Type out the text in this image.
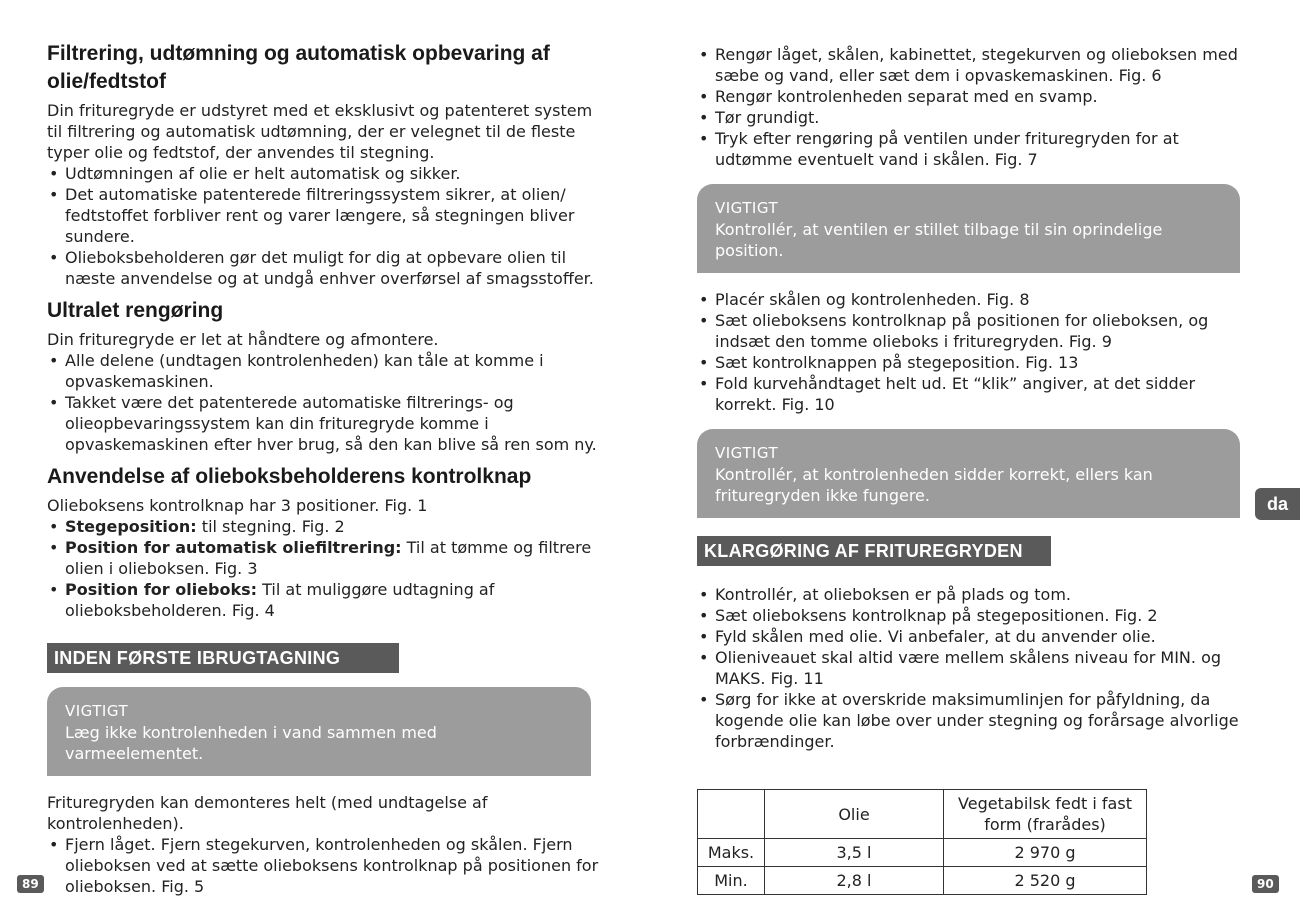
Filtrering, udtømning og automatisk opbevaring af olie/fedtstof

Din frituregryde er udstyret med et eksklusivt og patenteret system til filtrering og automatisk udtømning, der er velegnet til de fleste typer olie og fedtstof, der anvendes til stegning.

• Udtømningen af olie er helt automatisk og sikker.
• Det automatiske patenterede filtreringssystem sikrer, at olien/ fedtstoffet forbliver rent og varer længere, så stegningen bliver sundere.
• Olieboksbeholderen gør det muligt for dig at opbevare olien til næste anvendelse og at undgå enhver overførsel af smagsstoffer.
Ultralet rengøring

Din frituregryde er let at håndtere og afmontere.

• Alle delene (undtagen kontrolenheden) kan tåle at komme i opvaskemaskinen.
• Takket være det patenterede automatiske filtrerings- og olieopbevaringssystem kan din frituregryde komme i opvaskemaskinen efter hver brug, så den kan blive så ren som ny.
Anvendelse af olieboksbeholderens kontrolknap

Olieboksens kontrolknap har 3 positioner. Fig. 1

• Stegeposition: til stegning. Fig. 2
• Position for automatisk oliefiltrering: Til at tømme og filtrere olien i olieboksen. Fig. 3
• Position for olieboks: Til at muliggøre udtagning af olieboksbeholderen. Fig. 4
INDEN FØRSTE IBRUGTAGNING
VIGTIGT
Læg ikke kontrolenheden i vand sammen med varmeelementet.

Frituregryden kan demonteres helt (med undtagelse af kontrolenheden).

• Fjern låget. Fjern stegekurven, kontrolenheden og skålen. Fjern olieboksen ved at sætte olieboksens kontrolknap på positionen for olieboksen. Fig. 5
• Rengør låget, skålen, kabinettet, stegekurven og olieboksen med sæbe og vand, eller sæt dem i opvaskemaskinen. Fig. 6
• Rengør kontrolenheden separat med en svamp.
• Tør grundigt.
• Tryk efter rengøring på ventilen under frituregryden for at udtømme eventuelt vand i skålen. Fig. 7
VIGTIGT
Kontrollér, at ventilen er stillet tilbage til sin oprindelige position.
• Placér skålen og kontrolenheden. Fig. 8
• Sæt olieboksens kontrolknap på positionen for olieboksen, og indsæt den tomme olieboks i frituregryden. Fig. 9
• Sæt kontrolknappen på stegeposition. Fig. 13
• Fold kurvehåndtaget helt ud. Et “klik” angiver, at det sidder korrekt. Fig. 10
VIGTIGT
Kontrollér, at kontrolenheden sidder korrekt, ellers kan frituregryden ikke fungere.
KLARGØRING AF FRITUREGRYDEN
• Kontrollér, at olieboksen er på plads og tom.
• Sæt olieboksens kontrolknap på stegepositionen. Fig. 2
• Fyld skålen med olie. Vi anbefaler, at du anvender olie.
• Olieniveauet skal altid være mellem skålens niveau for MIN. og MAKS. Fig. 11
• Sørg for ikke at overskride maksimumlinjen for påfyldning, da kogende olie kan løbe over under stegning og forårsage alvorlige forbrændinger.
	Olie	Vegetabilsk fedt i fast form (frarådes)
Maks.	3,5 l	2 970 g
Min.	2,8 l	2 520 g
da
89	90
